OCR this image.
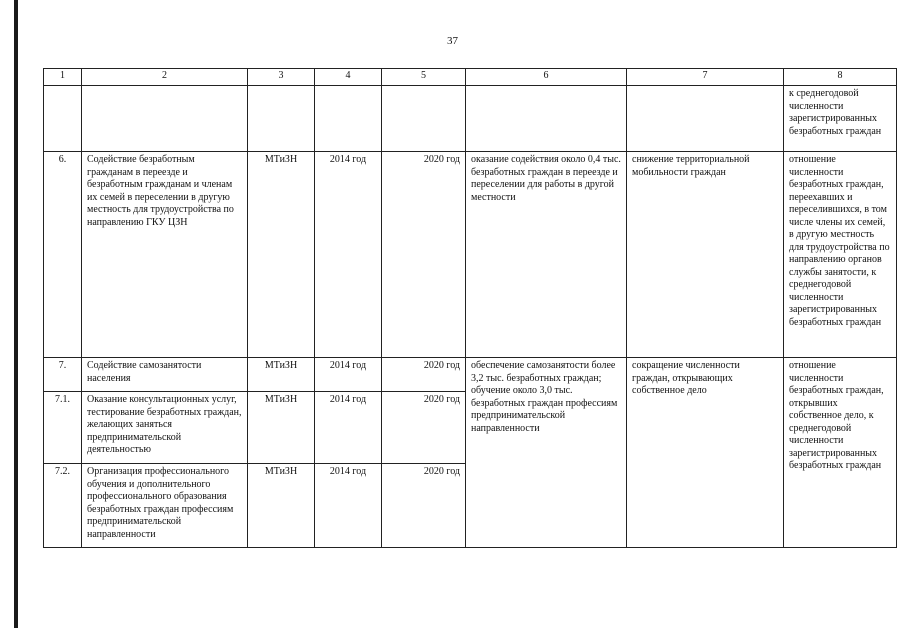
37
1	2	3	4	5	6	7	8
							к среднегодовой численности зарегистрированных безработных граждан
6.	Содействие безработным гражданам в переезде и безработным гражданам и членам их семей в переселении в другую местность для трудоустройства по направлению ГКУ ЦЗН	МТиЗН	2014 год	2020 год	оказание содействия около 0,4 тыс. безработных граждан в переезде и переселении для работы в другой местности	снижение территориальной мобильности граждан	отношение численности безработных граждан, переехавших и переселившихся, в том числе члены их семей, в другую местность для трудоустройства по направлению органов службы занятости, к среднегодовой численности зарегистрированных безработных граждан
7.	Содействие самозанятости населения	МТиЗН	2014 год	2020 год	обеспечение самозанятости более 3,2 тыс. безработных граждан; обучение около 3,0 тыс. безработных граждан профессиям предпринимательской направленности	сокращение численности граждан, открывающих собственное дело	отношение численности безработных граждан, открывших собственное дело, к среднегодовой численности зарегистрированных безработных граждан
7.1.	Оказание консультационных услуг, тестирование безработных граждан, желающих заняться предпринимательской деятельностью	МТиЗН	2014 год	2020 год			
7.2.	Организация профессионального обучения и дополнительного профессионального образования безработных граждан профессиям предпринимательской направленности	МТиЗН	2014 год	2020 год			
